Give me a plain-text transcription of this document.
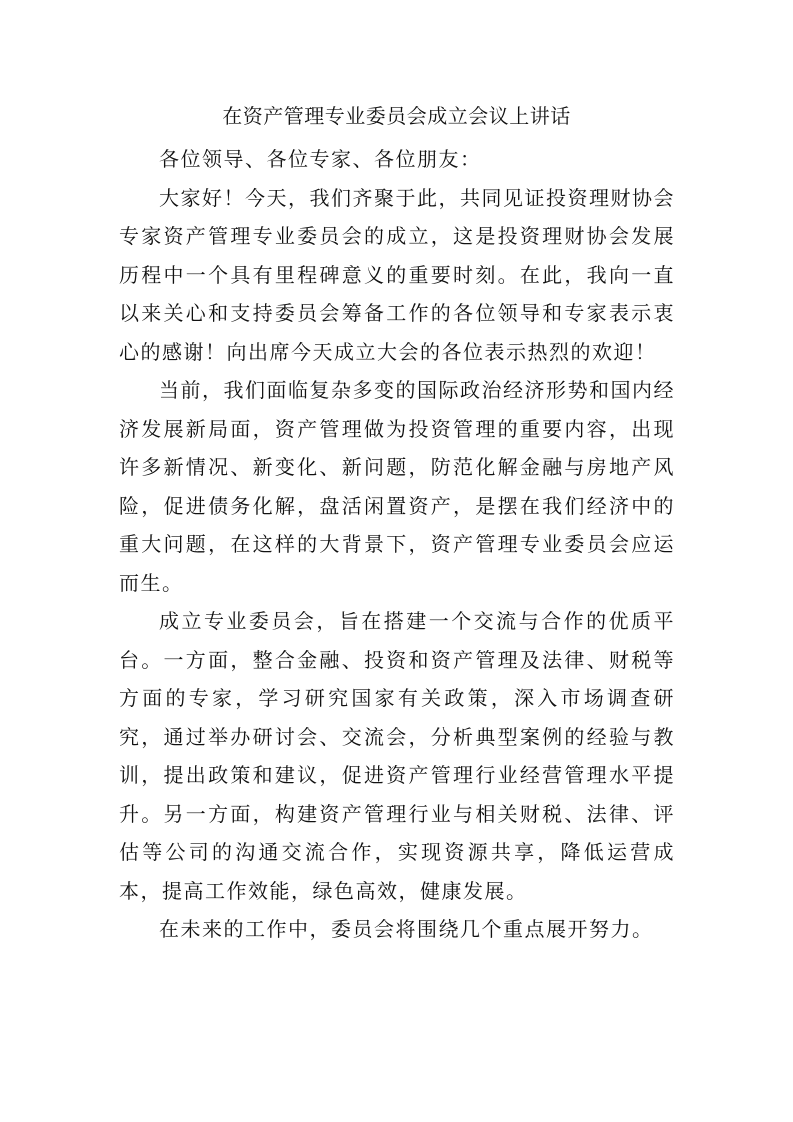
在资产管理专业委员会成立会议上讲话

各位领导、各位专家、各位朋友：

大家好！今天，我们齐聚于此，共同见证投资理财协会专家资产管理专业委员会的成立，这是投资理财协会发展历程中一个具有里程碑意义的重要时刻。在此，我向一直以来关心和支持委员会筹备工作的各位领导和专家表示衷心的感谢！向出席今天成立大会的各位表示热烈的欢迎！

当前，我们面临复杂多变的国际政治经济形势和国内经济发展新局面，资产管理做为投资管理的重要内容，出现许多新情况、新变化、新问题，防范化解金融与房地产风险，促进债务化解，盘活闲置资产，是摆在我们经济中的重大问题，在这样的大背景下，资产管理专业委员会应运而生。

成立专业委员会，旨在搭建一个交流与合作的优质平台。一方面，整合金融、投资和资产管理及法律、财税等方面的专家，学习研究国家有关政策，深入市场调查研究，通过举办研讨会、交流会，分析典型案例的经验与教训，提出政策和建议，促进资产管理行业经营管理水平提升。另一方面，构建资产管理行业与相关财税、法律、评估等公司的沟通交流合作，实现资源共享，降低运营成本，提高工作效能，绿色高效，健康发展。

在未来的工作中，委员会将围绕几个重点展开努力。
